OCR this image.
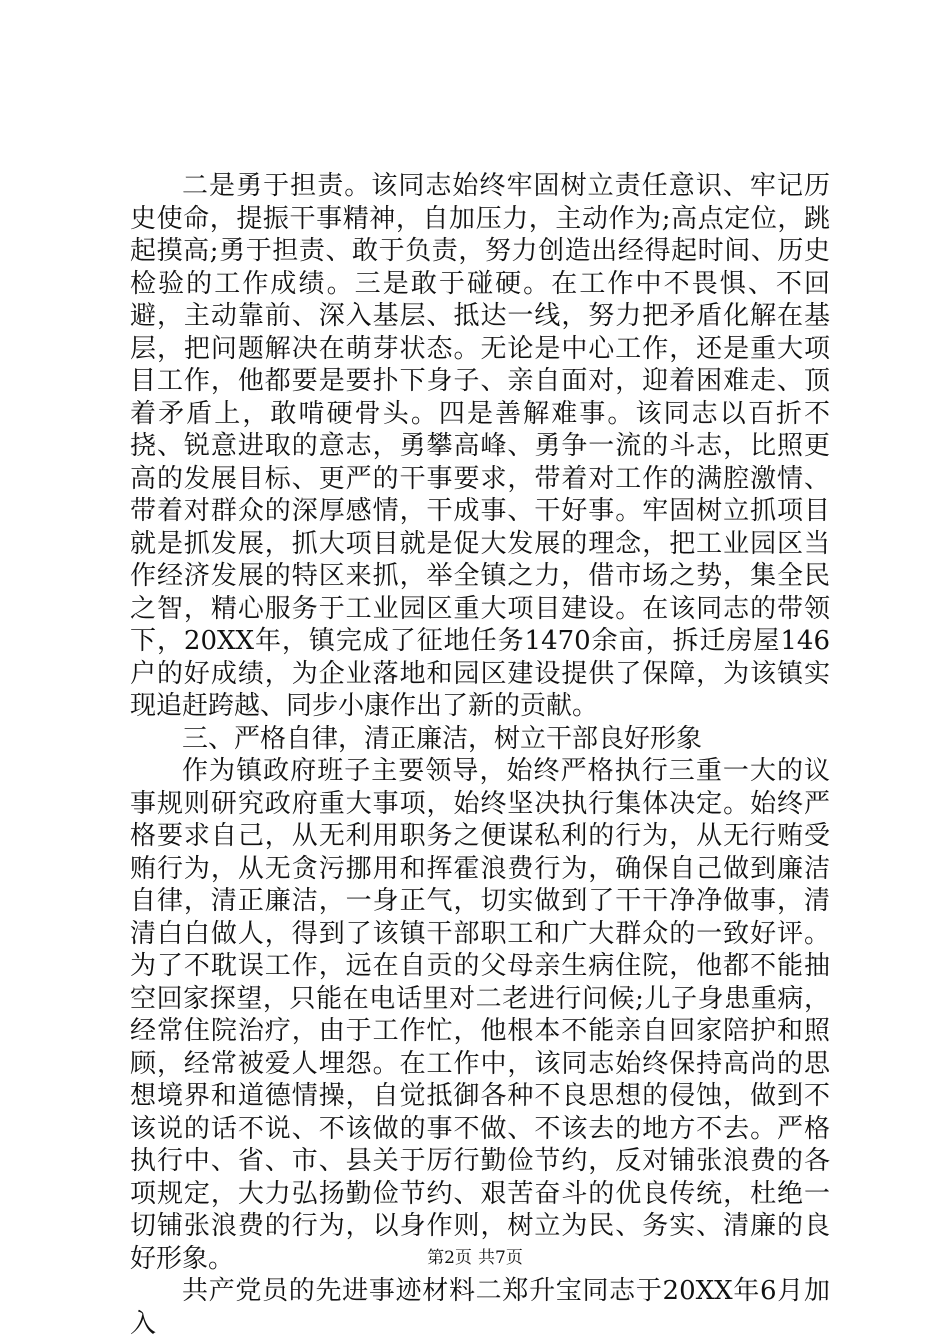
二是勇于担责。该同志始终牢固树立责任意识、牢记历史使命，提振干事精神，自加压力，主动作为;高点定位，跳起摸高;勇于担责、敢于负责，努力创造出经得起时间、历史检验的工作成绩。三是敢于碰硬。在工作中不畏惧、不回避，主动靠前、深入基层、抵达一线，努力把矛盾化解在基层，把问题解决在萌芽状态。无论是中心工作，还是重大项目工作，他都要是要扑下身子、亲自面对，迎着困难走、顶着矛盾上，敢啃硬骨头。四是善解难事。该同志以百折不挠、锐意进取的意志，勇攀高峰、勇争一流的斗志，比照更高的发展目标、更严的干事要求，带着对工作的满腔激情、带着对群众的深厚感情，干成事、干好事。牢固树立抓项目就是抓发展，抓大项目就是促大发展的理念，把工业园区当作经济发展的特区来抓，举全镇之力，借市场之势，集全民之智，精心服务于工业园区重大项目建设。在该同志的带领下，20XX年，镇完成了征地任务1470余亩，拆迁房屋146户的好成绩，为企业落地和园区建设提供了保障，为该镇实现追赶跨越、同步小康作出了新的贡献。

三、严格自律，清正廉洁，树立干部良好形象

作为镇政府班子主要领导，始终严格执行三重一大的议事规则研究政府重大事项，始终坚决执行集体决定。始终严格要求自己，从无利用职务之便谋私利的行为，从无行贿受贿行为，从无贪污挪用和挥霍浪费行为，确保自己做到廉洁自律，清正廉洁，一身正气，切实做到了干干净净做事，清清白白做人，得到了该镇干部职工和广大群众的一致好评。为了不耽误工作，远在自贡的父母亲生病住院，他都不能抽空回家探望，只能在电话里对二老进行问候;儿子身患重病，经常住院治疗，由于工作忙，他根本不能亲自回家陪护和照顾，经常被爱人埋怨。在工作中，该同志始终保持高尚的思想境界和道德情操，自觉抵御各种不良思想的侵蚀，做到不该说的话不说、不该做的事不做、不该去的地方不去。严格执行中、省、市、县关于厉行勤俭节约，反对铺张浪费的各项规定，大力弘扬勤俭节约、艰苦奋斗的优良传统，杜绝一切铺张浪费的行为，以身作则，树立为民、务实、清廉的良好形象。

共产党员的先进事迹材料二郑升宝同志于20XX年6月加入

第2页 共7页
